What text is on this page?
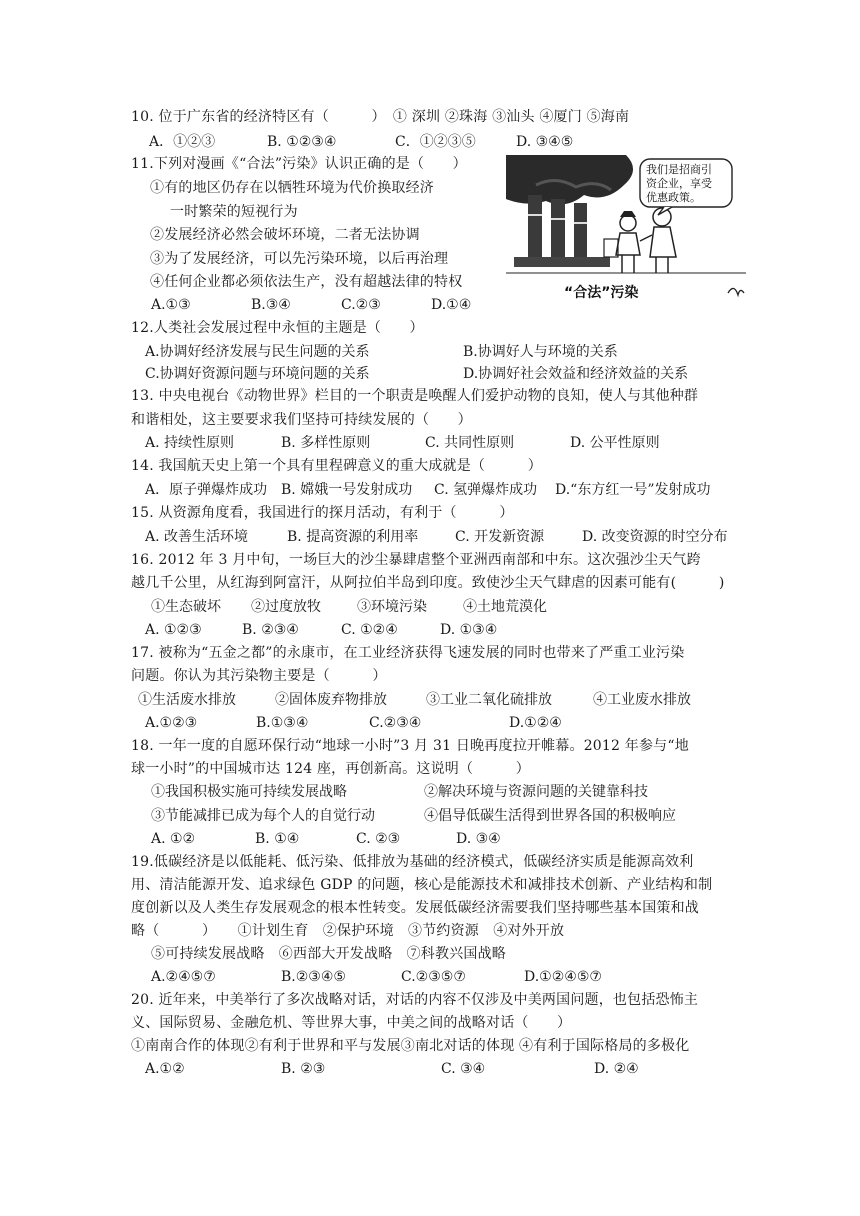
10. 位于广东省的经济特区有（　　　）　① 深圳 ②珠海 ③汕头 ④厦门 ⑤海南
A．①②③	B. ①②③④	C．①②③⑤	D. ③④⑤
11.下列对漫画《“合法”污染》认识正确的是（　　）
①有的地区仍存在以牺牲环境为代价换取经济
一时繁荣的短视行为
②发展经济必然会破坏环境，二者无法协调
③为了发展经济，可以先污染环境，以后再治理
④任何企业都必须依法生产，没有超越法律的特权
A.①③	B.③④	C.②③	D.①④
我们是招商引
资企业，享受
优惠政策。
“合法”污染
12.人类社会发展过程中永恒的主题是（　　）
A.协调好经济发展与民生问题的关系	B.协调好人与环境的关系
C.协调好资源问题与环境问题的关系	D.协调好社会效益和经济效益的关系
13. 中央电视台《动物世界》栏目的一个职责是唤醒人们爱护动物的良知，使人与其他种群
和谐相处，这主要要求我们坚持可持续发展的（　　）
A. 持续性原则	B. 多样性原则	C. 共同性原则	D. 公平性原则
14. 我国航天史上第一个具有里程碑意义的重大成就是（　　　）
A．原子弹爆炸成功 B. 嫦娥一号发射成功 C. 氢弹爆炸成功 D.“东方红一号”发射成功
15. 从资源角度看，我国进行的探月活动，有利于（　　　）
A. 改善生活环境	B. 提高资源的利用率	C. 开发新资源	D. 改变资源的时空分布
16. 2012 年 3 月中旬，一场巨大的沙尘暴肆虐整个亚洲西南部和中东。这次强沙尘天气跨
越几千公里，从红海到阿富汗，从阿拉伯半岛到印度。致使沙尘天气肆虐的因素可能有(　　　)
①生态破坏 ②过度放牧	③环境污染	④土地荒漠化
A. ①②③	B. ②③④	C. ①②④	D. ①③④
17. 被称为“五金之都”的永康市，在工业经济获得飞速发展的同时也带来了严重工业污染
问题。你认为其污染物主要是（　　　）
①生活废水排放	②固体废弃物排放	③工业二氧化硫排放	④工业废水排放
A.①②③	B.①③④	C.②③④	D.①②④
18. 一年一度的自愿环保行动“地球一小时”3 月 31 日晚再度拉开帷幕。2012 年参与“地
球一小时”的中国城市达 124 座，再创新高。这说明（　　　）
①我国积极实施可持续发展战略	②解决环境与资源问题的关键靠科技
③节能减排已成为每个人的自觉行动	④倡导低碳生活得到世界各国的积极响应
A. ①②	B. ①④	C. ②③	D. ③④
19.低碳经济是以低能耗、低污染、低排放为基础的经济模式，低碳经济实质是能源高效利
用、清洁能源开发、追求绿色 GDP 的问题，核心是能源技术和减排技术创新、产业结构和制
度创新以及人类生存发展观念的根本性转变。发展低碳经济需要我们坚持哪些基本国策和战
略（　　　）　　①计划生育　②保护环境　③节约资源　④对外开放
⑤可持续发展战略　⑥西部大开发战略　⑦科教兴国战略
A.②④⑤⑦	B.②③④⑤	C.②③⑤⑦	D.①②④⑤⑦
20. 近年来，中美举行了多次战略对话，对话的内容不仅涉及中美两国问题，也包括恐怖主
义、国际贸易、金融危机、等世界大事，中美之间的战略对话（　　）
①南南合作的体现②有利于世界和平与发展③南北对话的体现 ④有利于国际格局的多极化
A.①②	B. ②③	C. ③④	D. ②④
